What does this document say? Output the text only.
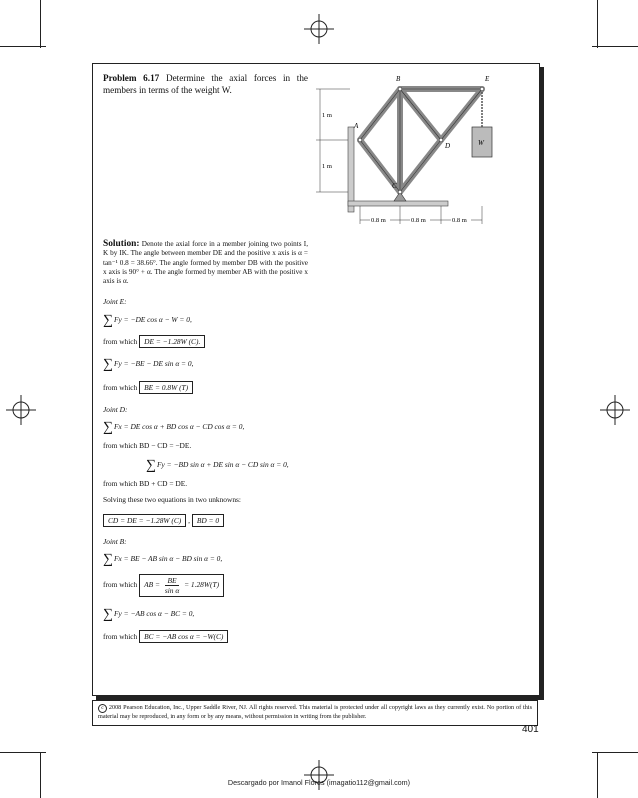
Problem 6.17 Determine the axial forces in the members in terms of the weight W.
B	E
A
D
C
W
1 m
1 m
0.8 m	0.8 m	0.8 m
Solution: Denote the axial force in a member joining two points I, K by IK. The angle between member DE and the positive x axis is α = tan⁻¹ 0.8 = 38.66°. The angle formed by member DB with the positive x axis is 90° + α. The angle formed by member AB with the positive x axis is α.
Joint E:
∑Fy = −DE cos α − W = 0,
from which DE = −1.28W (C).
∑Fy = −BE − DE sin α = 0,
from which BE = 0.8W (T)
Joint D:
∑Fx = DE cos α + BD cos α − CD cos α = 0,
from which BD − CD = −DE.
∑Fy = −BD sin α + DE sin α − CD sin α = 0,
from which BD + CD = DE.
Solving these two equations in two unknowns:
CD = DE = −1.28W (C) , BD = 0
Joint B:
∑Fx = BE − AB sin α − BD sin α = 0,
from which AB = $\frac{BE}{\text{sin α}} = 1.28W(T)$
∑Fy = −AB cos α − BC = 0,
from which BC = −AB cos α = −W(C)
c 2008 Pearson Education, Inc., Upper Saddle River, NJ. All rights reserved. This material is protected under all copyright laws as they currently exist. No portion of this material may be reproduced, in any form or by any means, without permission in writing from the publisher.
401
Descargado por Imanol Flores (imagatio112@gmail.com)
